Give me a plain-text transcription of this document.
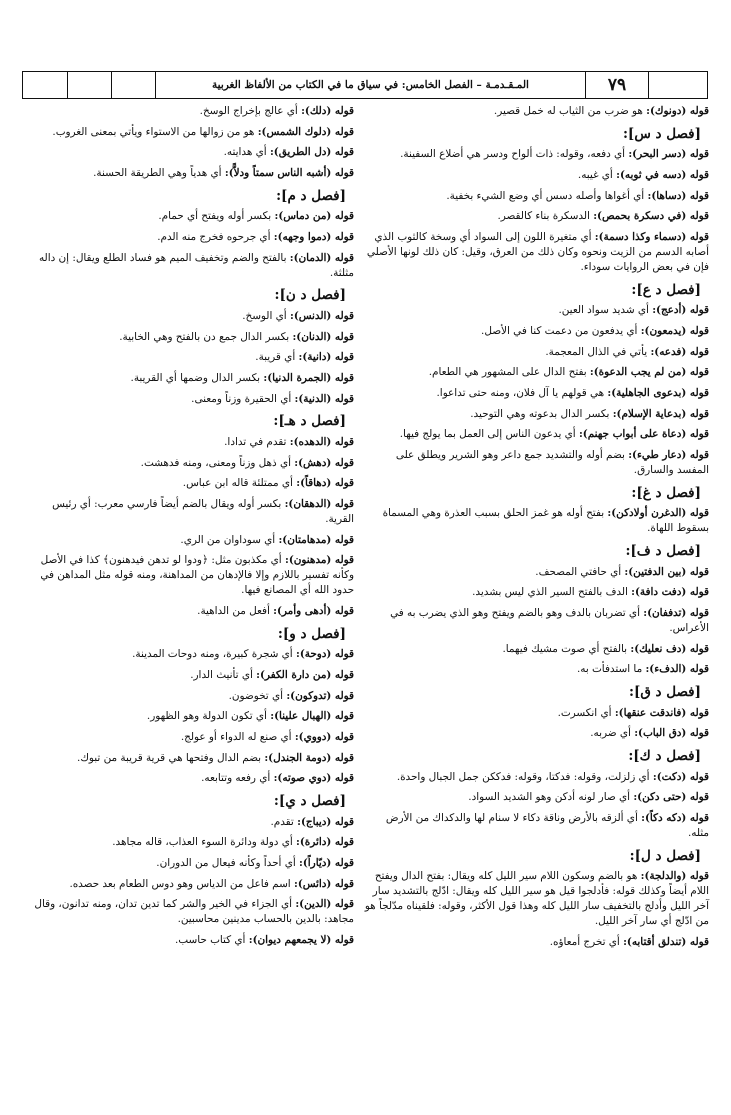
المـقـدمـة – الفصل الخامس: في سياق ما في الكتاب من الألفاظ الغربية	٧٩
قوله (دونوك): هو ضرب من الثياب له خمل قصير.
[فصل د س]:
قوله (دسر البحر): أي دفعه، وقوله: ذات ألواح ودسر هي أضلاع السفينة.
قوله (دسه في ثوبه): أي غيبه.
قوله (دساها): أي أغواها وأصله دسس أي وضع الشيء بخفية.
قوله (في دسكرة بحمص): الدسكرة بناء كالقصر.
قوله (دسماء وكذا دسمة): أي متغيرة اللون إلى السواد أي وسخة كالثوب الذي أصابه الدسم من الزيت ونحوه وكان ذلك من العرق، وقيل: كان ذلك لونها الأصلي فإن في بعض الروايات سوداء.
[فصل د ع]:
قوله (أدعج): أي شديد سواد العين.
قوله (يدمعون): أي يدفعون من دعمت كنا في الأصل.
قوله (فدعه): يأتي في الذال المعجمة.
قوله (من لم يجب الدعوة): بفتح الدال على المشهور هي الطعام.
قوله (بدعوى الجاهلية): هي قولهم يا آل فلان، ومنه حتى تداعوا.
قوله (بدعاية الإسلام): بكسر الدال بدعوته وهي التوحيد.
قوله (دعاة على أبواب جهنم): أي يدعون الناس إلى العمل بما يولج فيها.
قوله (دعار طيء): بضم أوله والتشديد جمع داعر وهو الشرير ويطلق على المفسد والسارق.
[فصل د غ]:
قوله (الدغرن أولادكن): بفتح أوله هو غمز الحلق بسبب العذرة وهي المسماة بسقوط اللهاة.
[فصل د ف]:
قوله (بين الدفتين): أي حافتي المصحف.
قوله (دفت دافة): الدف بالفتح السير الذي ليس بشديد.
قوله (تدففان): أي تضربان بالدف وهو بالضم ويفتح وهو الذي يضرب به في الأعراس.
قوله (دف نعليك): بالفتح أي صوت مشيك فيهما.
قوله (الدفء): ما استدفأت به.
[فصل د ق]:
قوله (فاندقت عنقها): أي انكسرت.
قوله (دق الباب): أي ضربه.
[فصل د ك]:
قوله (دكت): أي زلزلت، وقوله: فدكتا، وقوله: فدككن جمل الجبال واحدة.
قوله (حتى دكن): أي صار لونه أدكن وهو الشديد السواد.
قوله (دكه دكاً): أي ألزقه بالأرض وناقة دكاء لا سنام لها والدكداك من الأرض مثله.
[فصل د ل]:
قوله (والدلجة): هو بالضم وسكون اللام سير الليل كله ويقال: بفتح الدال ويفتح اللام أيضاً وكذلك قوله: فأدلجوا قيل هو سير الليل كله ويقال: ادّلج بالتشديد سار آخر الليل وأدلج بالتخفيف سار الليل كله وهذا قول الأكثر، وقوله: فلقيناه مدّلجاً هو من ادّلج أي سار آخر الليل.
قوله (تندلق أقتابه): أي تخرج أمعاؤه.
قوله (دلك): أي عالج بإخراج الوسخ.
قوله (دلوك الشمس): هو من زوالها من الاستواء ويأتي بمعنى الغروب.
قوله (دل الطريق): أي هدايته.
قوله (أشبه الناس سمتاً ودلاًّ): أي هدياً وهي الطريقة الحسنة.
[فصل د م]:
قوله (من دماس): بكسر أوله ويفتح أي حمام.
قوله (دموا وجهه): أي جرحوه فخرج منه الدم.
قوله (الدمان): بالفتح والضم وتخفيف الميم هو فساد الطلع ويقال: إن داله مثلثة.
[فصل د ن]:
قوله (الدنس): أي الوسخ.
قوله (الدنان): بكسر الدال جمع دن بالفتح وهي الخابية.
قوله (دانية): أي قريبة.
قوله (الجمرة الدنيا): بكسر الدال وضمها أي القريبة.
قوله (الدنية): أي الحقيرة وزناً ومعنى.
[فصل د هـ]:
قوله (الدهده): تقدم في تدادا.
قوله (دهش): أي ذهل وزناً ومعنى، ومنه فدهشت.
قوله (دهاقاً): أي ممتلئة قاله ابن عباس.
قوله (الدهقان): بكسر أوله ويقال بالضم أيضاً فارسي معرب: أي رئيس القرية.
قوله (مدهامتان): أي سوداوان من الري.
قوله (مدهنون): أي مكذبون مثل: ﴿ودوا لو تدهن فيدهنون﴾ كذا في الأصل وكأنه تفسير باللازم وإلا فالإدهان من المداهنة، ومنه قوله مثل المداهن في حدود الله أي المصانع فيها.
قوله (أدهى وأمر): أفعل من الداهية.
[فصل د و]:
قوله (دوحة): أي شجرة كبيرة، ومنه دوحات المدينة.
قوله (من دارة الكفر): أي تأنيث الدار.
قوله (تدوكون): أي تخوضون.
قوله (الهبال علينا): أي تكون الدولة وهو الظهور.
قوله (دووي): أي صنع له الدواء أو عولج.
قوله (دومة الجندل): بضم الدال وفتحها هي قرية قريبة من تبوك.
قوله (دوي صوته): أي رفعه وتتابعه.
[فصل د ي]:
قوله (ديباج): تقدم.
قوله (دائرة): أي دولة ودائرة السوء العذاب، قاله مجاهد.
قوله (ديّاراً): أي أحداً وكأنه فيعال من الدوران.
قوله (دائس): اسم فاعل من الدياس وهو دوس الطعام بعد حصده.
قوله (الدين): أي الجزاء في الخير والشر كما تدين تدان، ومنه تدانون، وقال مجاهد: بالدين بالحساب مدينين محاسبين.
قوله (لا يجمعهم ديوان): أي كتاب حاسب.
